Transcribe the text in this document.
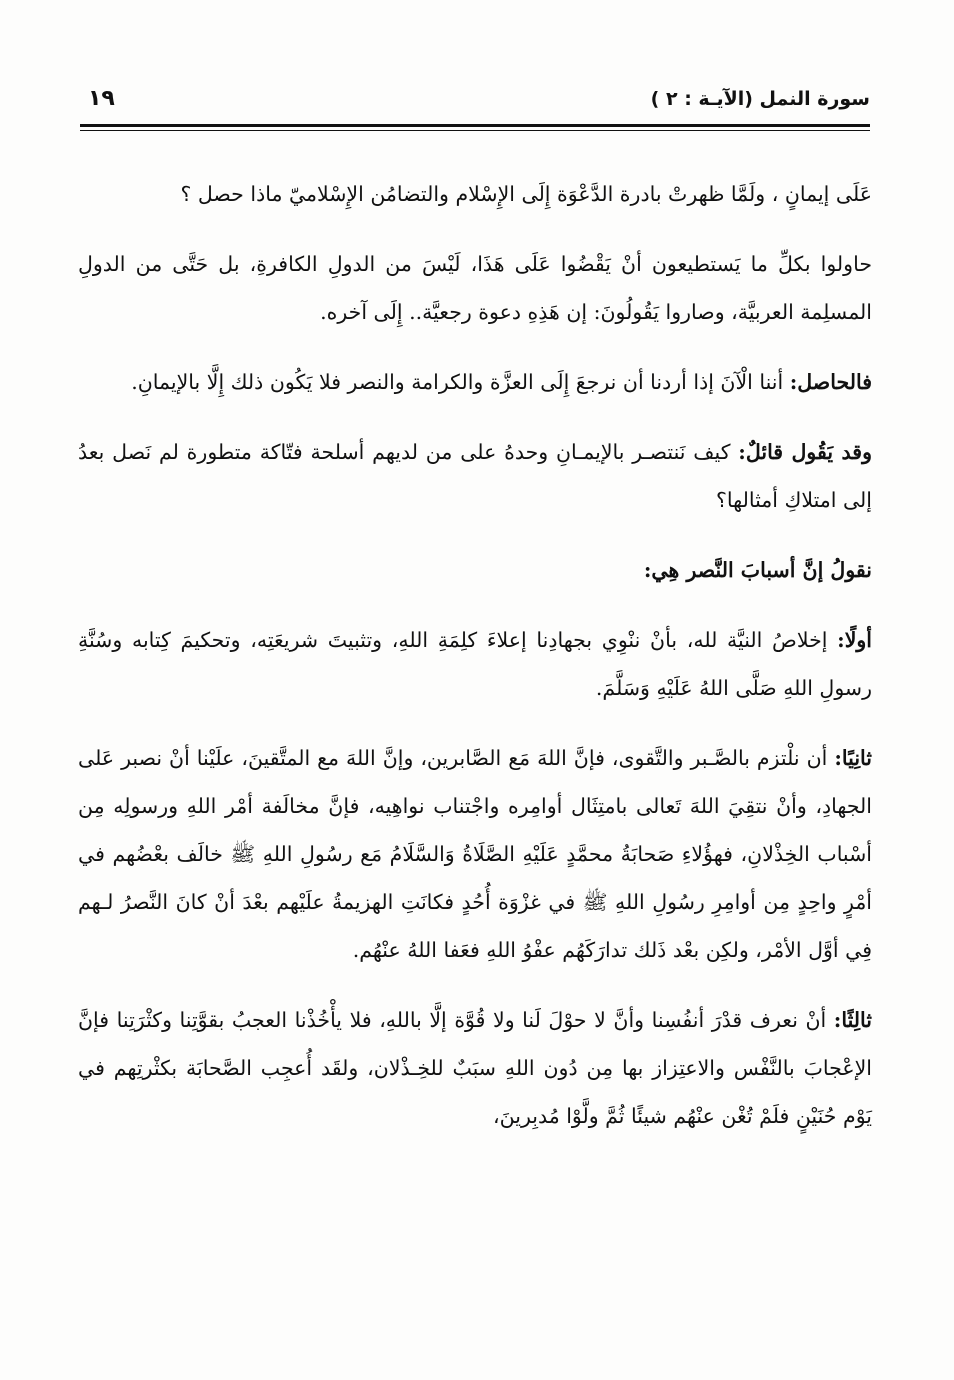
سورة النمل (الآيـة : ٢ )
١٩

عَلَى إيمانٍ ، ولَمَّا ظهرتْ بادرة الدَّعْوَة إِلَى الإِسْلام والتضامُن الإِسْلاميّ ماذا حصل ؟

حاولوا بكلِّ ما يَستطيعون أنْ يَقْضُوا عَلَى هَذَا، لَيْسَ من الدولِ الكافرةِ، بل حَتَّى من الدولِ المسلِمة العربيَّة، وصاروا يَقُولُونَ: إن هَذِهِ دعوة رجعيَّة.. إِلَى آخره.

فالحاصل: أننا الْآنَ إذا أردنا أن نرجعَ إِلَى العزَّة والكرامة والنصر فلا يَكُون ذلك إِلَّا بالإيمانِ.

وقد يَقُول قائلٌ: كيف نَنتصـر بالإيمـانِ وحدهُ على من لديهم أسلحة فتّاكة متطورة لم نَصل بعدُ إلى امتلاكِ أمثالها؟

نقولُ إنَّ أسبابَ النَّصر هِي:

أولًا: إخلاصُ النيَّة لله، بأنْ ننْوِي بجهادِنا إعلاءَ كلِمَةِ اللهِ، وتثبيتَ شريعَتِه، وتحكيمَ كِتابه وسُنَّةِ رسولِ اللهِ صَلَّى اللهُ عَلَيْهِ وَسَلَّمَ.

ثانِيًا: أن نلْتزم بالصَّـبر والتَّقوى، فإنَّ اللهَ مَع الصَّابرين، وإنَّ اللهَ مع المتَّقينَ، علَيْنا أنْ نصبر عَلى الجهادِ، وأنْ نتقِيَ اللهَ تَعالى بامتِثَال أوامِره واجْتناب نواهِيه، فإنَّ مخالَفة أمْر اللهِ ورسولِه مِن أسْباب الخِذْلانِ، فهؤُلاءِ صَحابَةُ محمَّدٍ عَلَيْهِ الصَّلَاةُ وَالسَّلَامُ مَع رسُولِ اللهِ ﷺ خالَف بعْضُهم في أمْرٍ واحِدٍ مِن أوامِرِ رسُولِ اللهِ ﷺ في غزْوَة أُحُدٍ فكانَتِ الهزيمةُ علَيْهم بعْدَ أنْ كانَ النَّصرُ لـهم فِي أوَّل الأمْر، ولكِن بعْد ذَلك تدارَكَهُم عفْوُ اللهِ فعَفا اللهُ عنْهُم.

ثالِثًا: أنْ نعرف قدْرَ أنفُسِنا وأنَّ لا حوْلَ لَنا ولا قُوَّة إلَّا باللهِ، فلا يأْخُذْنا العجبُ بقوَّتِنا وكثْرَتِنا فإنَّ الإعْجابَ بالنَّفْس والاعتِزاز بها مِن دُون اللهِ سبَبٌ للخِـذْلان، ولقَد أُعجِب الصَّحابَة بكثْرتِهم في يَوْم حُنَيْنٍ فلَمْ تُغْن عنْهُم شيئًا ثُمَّ ولَّوْا مُدبِرينَ،
